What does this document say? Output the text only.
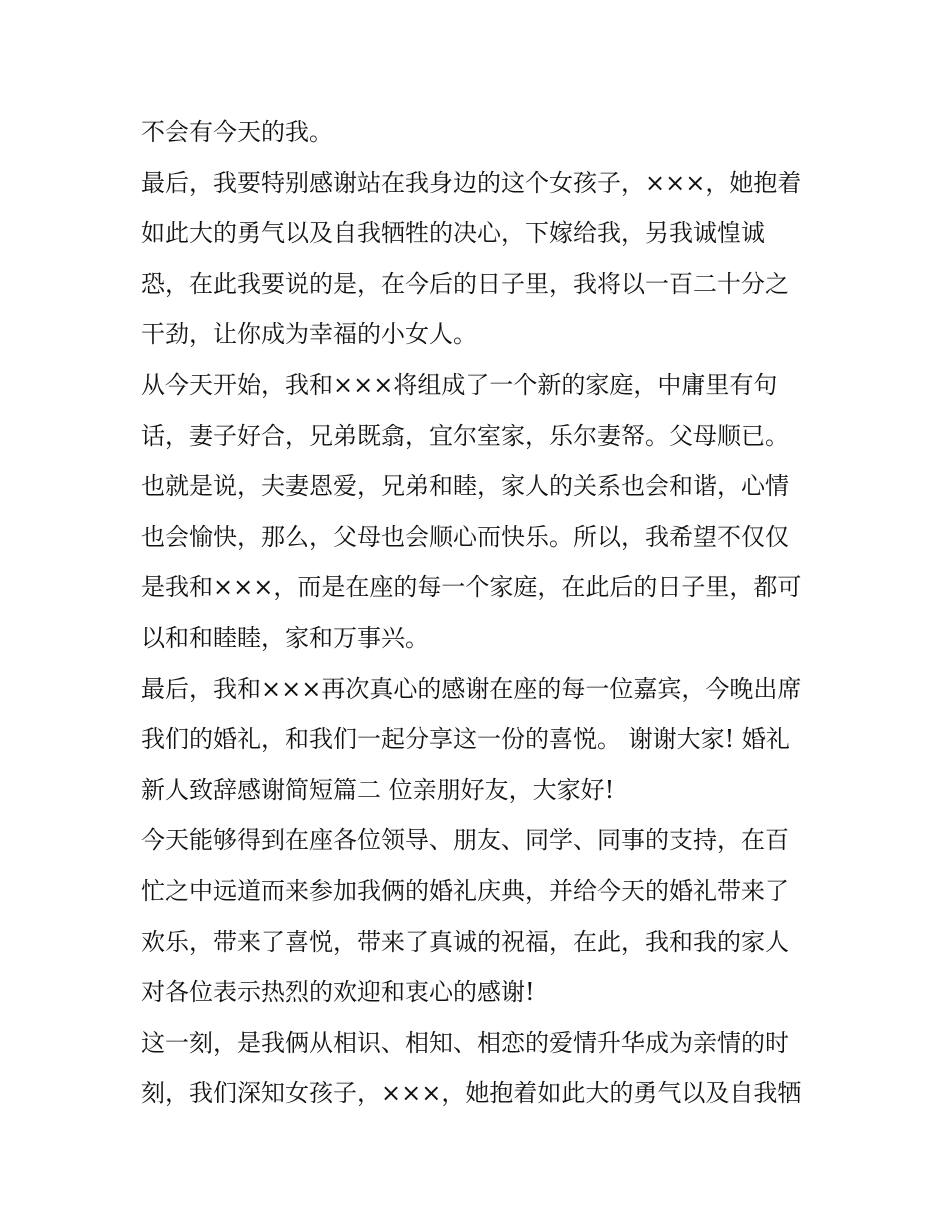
不会有今天的我。
最后，我要特别感谢站在我身边的这个女孩子，×××，她抱着
如此大的勇气以及自我牺牲的决心，下嫁给我，另我诚惶诚
恐，在此我要说的是，在今后的日子里，我将以一百二十分之
干劲，让你成为幸福的小女人。
从今天开始，我和×××将组成了一个新的家庭，中庸里有句
话，妻子好合，兄弟既翕，宜尔室家，乐尔妻帑。父母顺已。
也就是说，夫妻恩爱，兄弟和睦，家人的关系也会和谐，心情
也会愉快，那么，父母也会顺心而快乐。所以，我希望不仅仅
是我和×××，而是在座的每一个家庭，在此后的日子里，都可
以和和睦睦，家和万事兴。
最后，我和×××再次真心的感谢在座的每一位嘉宾，今晚出席
我们的婚礼，和我们一起分享这一份的喜悦。 谢谢大家! 婚礼
新人致辞感谢简短篇二 位亲朋好友，大家好!
今天能够得到在座各位领导、朋友、同学、同事的支持，在百
忙之中远道而来参加我俩的婚礼庆典，并给今天的婚礼带来了
欢乐，带来了喜悦，带来了真诚的祝福，在此，我和我的家人
对各位表示热烈的欢迎和衷心的感谢!
这一刻，是我俩从相识、相知、相恋的爱情升华成为亲情的时
刻，我们深知女孩子，×××，她抱着如此大的勇气以及自我牺
